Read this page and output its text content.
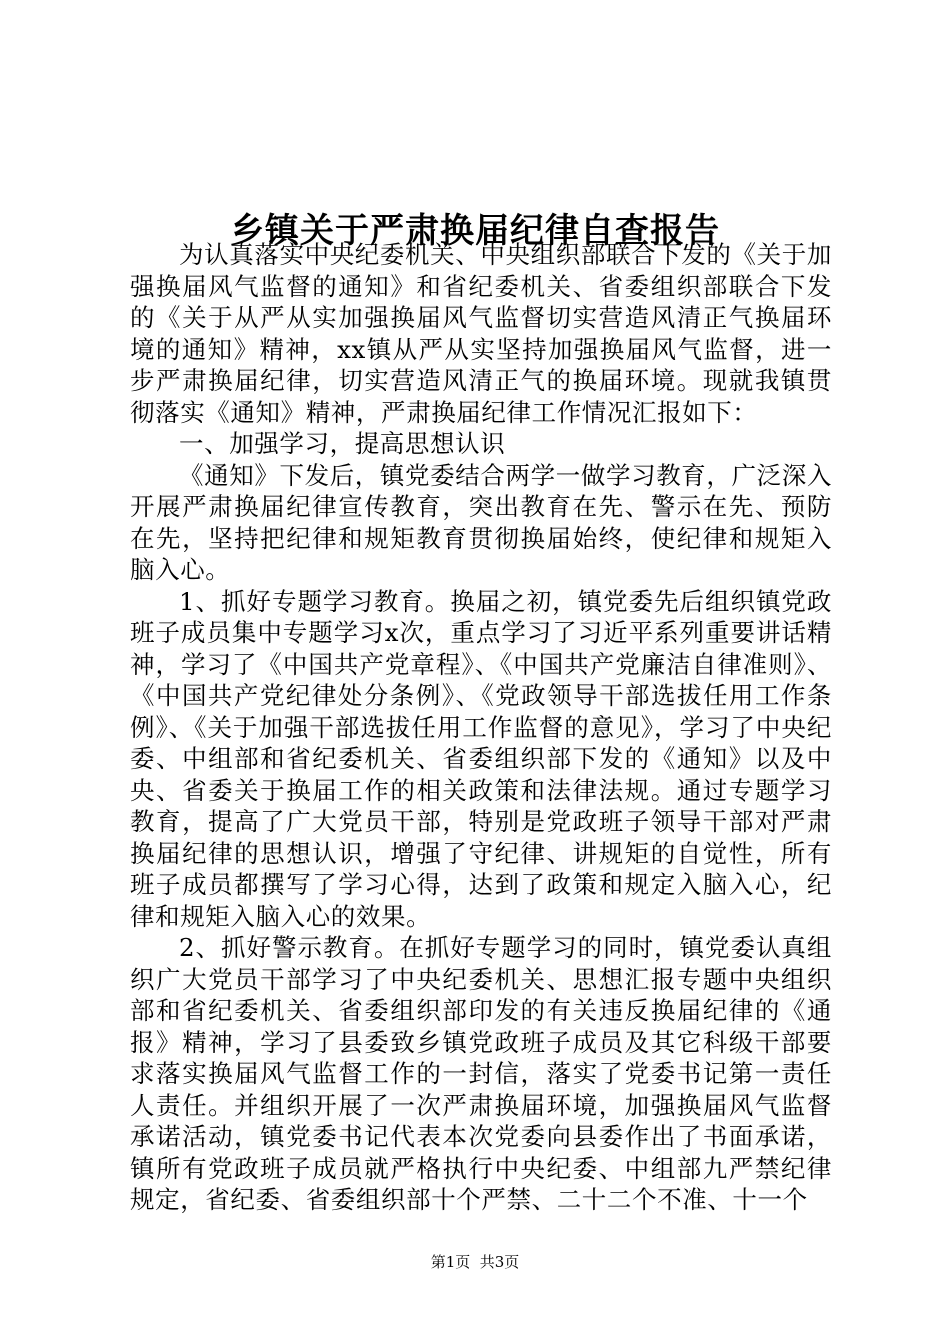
乡镇关于严肃换届纪律自查报告

为认真落实中央纪委机关、中央组织部联合下发的《关于加强换届风气监督的通知》和省纪委机关、省委组织部联合下发的《关于从严从实加强换届风气监督切实营造风清正气换届环境的通知》精神，xx镇从严从实坚持加强换届风气监督，进一步严肃换届纪律，切实营造风清正气的换届环境。现就我镇贯彻落实《通知》精神，严肃换届纪律工作情况汇报如下：

一、加强学习，提高思想认识

《通知》下发后，镇党委结合两学一做学习教育，广泛深入开展严肃换届纪律宣传教育，突出教育在先、警示在先、预防在先，坚持把纪律和规矩教育贯彻换届始终，使纪律和规矩入脑入心。

1、抓好专题学习教育。换届之初，镇党委先后组织镇党政班子成员集中专题学习x次，重点学习了习近平系列重要讲话精神，学习了《中国共产党章程》、《中国共产党廉洁自律准则》、《中国共产党纪律处分条例》、《党政领导干部选拔任用工作条例》、《关于加强干部选拔任用工作监督的意见》，学习了中央纪委、中组部和省纪委机关、省委组织部下发的《通知》以及中央、省委关于换届工作的相关政策和法律法规。通过专题学习教育，提高了广大党员干部，特别是党政班子领导干部对严肃换届纪律的思想认识，增强了守纪律、讲规矩的自觉性，所有班子成员都撰写了学习心得，达到了政策和规定入脑入心，纪律和规矩入脑入心的效果。

2、抓好警示教育。在抓好专题学习的同时，镇党委认真组织广大党员干部学习了中央纪委机关、思想汇报专题中央组织部和省纪委机关、省委组织部印发的有关违反换届纪律的《通报》精神，学习了县委致乡镇党政班子成员及其它科级干部要求落实换届风气监督工作的一封信，落实了党委书记第一责任人责任。并组织开展了一次严肃换届环境，加强换届风气监督承诺活动，镇党委书记代表本次党委向县委作出了书面承诺，镇所有党政班子成员就严格执行中央纪委、中组部九严禁纪律规定，省纪委、省委组织部十个严禁、二十二个不准、十一个

第1页  共3页
